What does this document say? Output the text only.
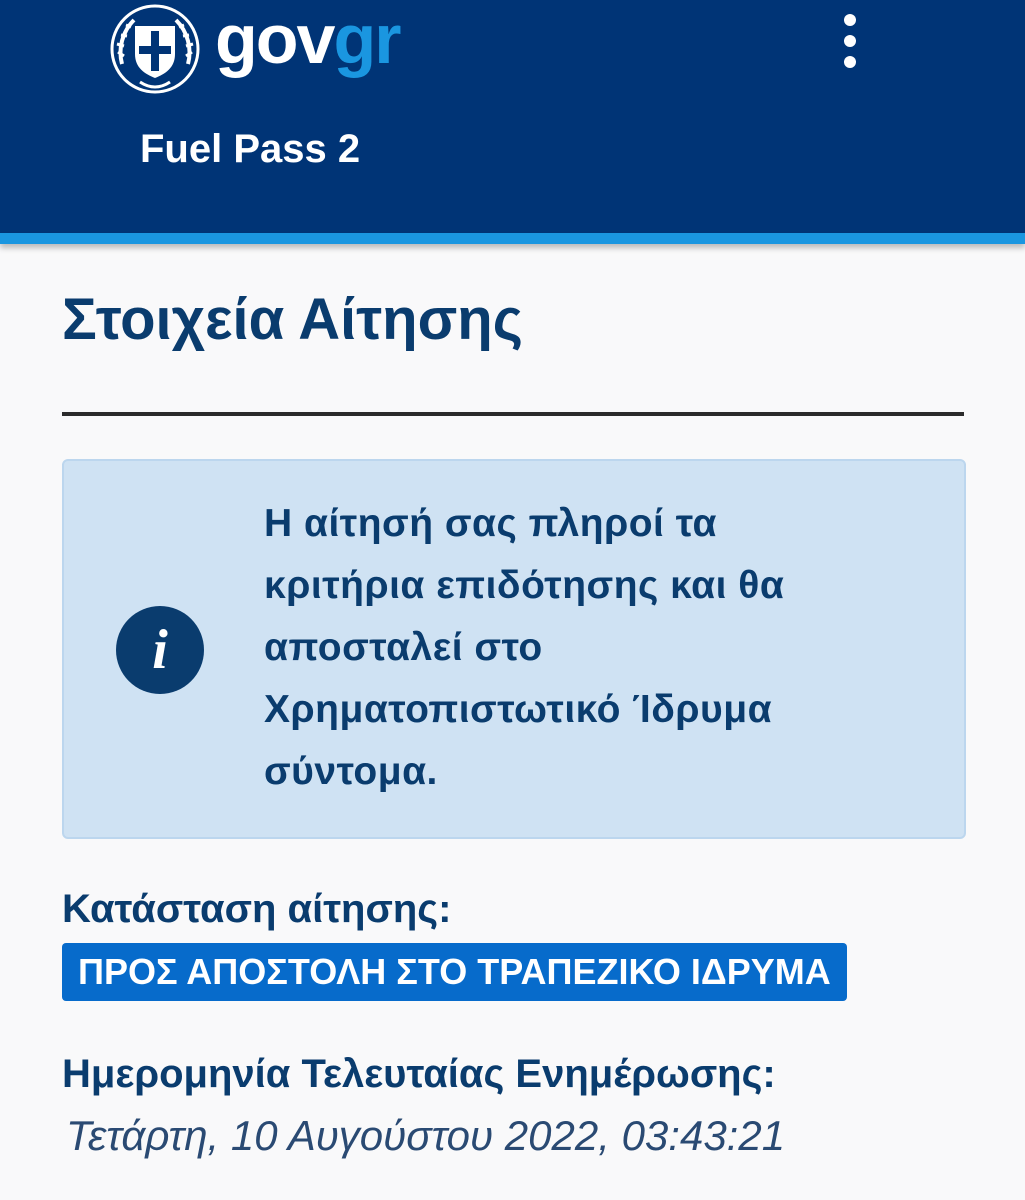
govgr
Fuel Pass 2
Στοιχεία Αίτησης
i
Η αίτησή σας πληροί τα κριτήρια επιδότησης και θα αποσταλεί στο Χρηματοπιστωτικό Ίδρυμα σύντομα.
Κατάσταση αίτησης:
ΠΡΟΣ ΑΠΟΣΤΟΛΗ ΣΤΟ ΤΡΑΠΕΖΙΚΟ ΙΔΡΥΜΑ
Ημερομηνία Τελευταίας Ενημέρωσης:
Τετάρτη, 10 Αυγούστου 2022, 03:43:21
